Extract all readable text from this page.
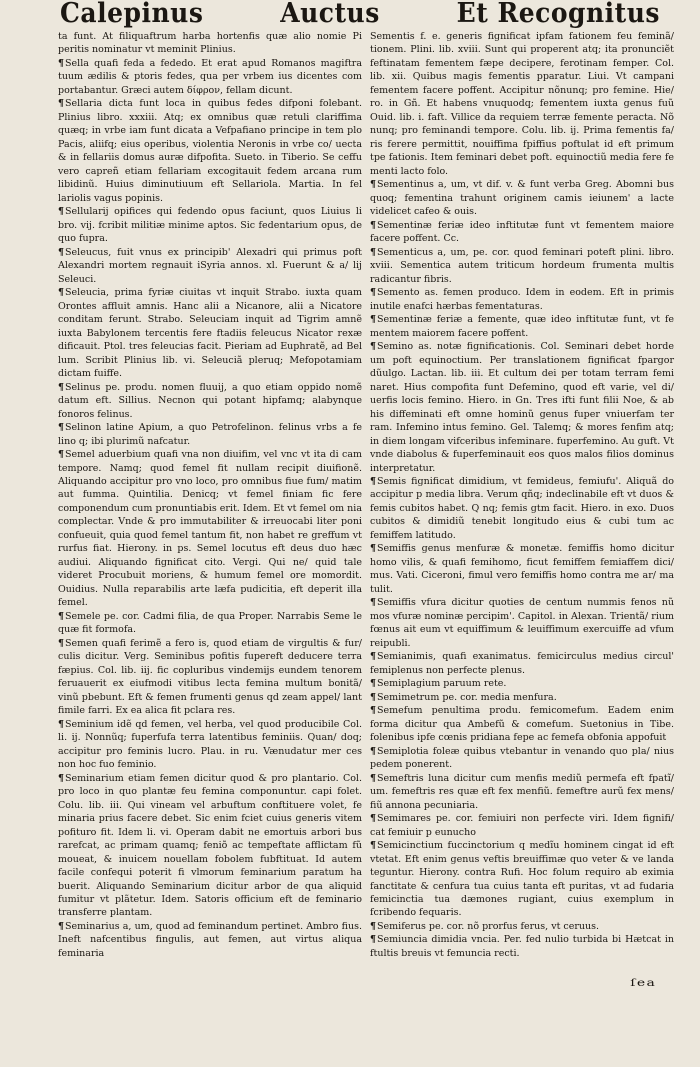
Calepinus	Auctus	Et Recognitus

ta funt. At filiquaftrum harba hortenfis quæ alio nomie Pi peritis nominatur vt meminit Plinius.

¶Sella quafi feda a fededo. Et erat apud Romanos magiftra tuum ædilis & ptoris fedes, qua per vrbem ius dicentes com portabantur. Græci autem δίφρον, fellam dicunt.

¶Sellaria dicta funt loca in quibus fedes difponi folebant. Plinius libro. xxxiii. Atq; ex omnibus quæ retuli clariffima quæq; in vrbe iam funt dicata a Vefpafiano principe in tem plo Pacis, aliifq; eius operibus, violentia Neronis in vrbe co/ uecta & in fellariis domus auræ difpofita. Sueto. in Tiberio. Se ceffu vero capreñ etiam fellariam excogitauit fedem arcana rum libidinũ. Huius diminutiuum eft Sellariola. Martia. In fel lariolis vagus popinis.

¶Sellularij opifices qui fedendo opus faciunt, quos Liuius li bro. vij. fcribit militiæ minime aptos. Sic fedentarium opus, de quo fupra.

¶Seleucus, fuit vnus ex principib' Alexadri qui primus poft Alexandri mortem regnauit iSyria annos. xl. Fuerunt & a/ lij Seleuci.

¶Seleucia, prima fyriæ ciuitas vt inquit Strabo. iuxta quam Orontes affluit amnis. Hanc alii a Nicanore, alii a Nicatore conditam ferunt. Strabo. Seleuciam inquit ad Tigrim amnẽ iuxta Babylonem tercentis fere ftadiis feleucus Nicator rexæ dificauit. Ptol. tres feleucias facit. Pieriam ad Euphratẽ, ad Bel lum. Scribit Plinius lib. vi. Seleuciã pleruq; Mefopotamiam dictam fuiffe.

¶Selinus pe. produ. nomen fluuij, a quo etiam oppido nomẽ datum eft. Sillius. Necnon qui potant hipfamq; alabynque fonoros felinus.

¶Selinon latine Apium, a quo Petrofelinon. felinus vrbs a fe lino q; ibi plurimũ nafcatur.

¶Semel aduerbium quafi vna non diuifim, vel vnc vt ita di cam tempore. Namq; quod femel fit nullam recipit diuifionẽ. Aliquando accipitur pro vno loco, pro omnibus fiue fum/ matim aut fumma. Quintilia. Denicq; vt femel finiam fic fere componendum cum pronuntiabis erit. Idem. Et vt femel om nia complectar. Vnde & pro immutabiliter & irreuocabi liter poni confueuit, quia quod femel tantum fit, non habet re greffum vt rurfus fiat. Hierony. in ps. Semel locutus eft deus duo hæc audiui. Aliquando fignificat cito. Vergi. Qui ne/ quid tale videret Procubuit moriens, & humum femel ore momordit. Ouidius. Nulla reparabilis arte læfa pudicitia, eft deperit illa femel.

¶Semele pe. cor. Cadmi filia, de qua Proper. Narrabis Seme le quæ fit formofa.

¶Semen quafi ferimẽ a fero is, quod etiam de virgultis & fur/ culis dicitur. Verg. Seminibus pofitis fupereft deducere terra fæpius. Col. lib. iij. fic copluribus vindemijs eundem tenorem feruauerit ex eiufmodi vitibus lecta femina multum bonitã/ vinũ pbebunt. Eft & femen frumenti genus qd zeam appel/ lant fimile farri. Ex ea alica fit pclara res.

¶Seminium idẽ qd femen, vel herba, vel quod producibile Col. li. ij. Nonnũq; fuperfufa terra latentibus feminiis. Quan/ doq; accipitur pro feminis lucro. Plau. in ru. Vænudatur mer ces non hoc fuo feminio.

¶Seminarium etiam femen dicitur quod & pro plantario. Col. pro loco in quo plantæ feu femina componuntur. capi folet. Colu. lib. iii. Qui vineam vel arbuftum conftituere volet, fe minaria prius facere debet. Sic enim fciet cuius generis vitem pofituro fit. Idem li. vi. Operam dabit ne emortuis arbori bus rarefcat, ac primam quamq; feniõ ac tempeftate afflictam fũ moueat, & inuicem nouellam fobolem fubftituat. Id autem facile confequi poterit fi vlmorum feminarium paratum ha buerit. Aliquando Seminarium dicitur arbor de qua aliquid fumitur vt plãtetur. Idem. Satoris officium eft de feminario transferre plantam.

¶Seminarius a, um, quod ad feminandum pertinet. Ambro fius. Ineft nafcentibus fingulis, aut femen, aut virtus aliqua feminaria

Sementis f. e. generis fignificat ipfam fationem feu feminã/ tionem. Plini. lib. xviii. Sunt qui properent atq; ita pronunciẽt feftinatam fementem fæpe decipere, ferotinam femper. Col. lib. xii. Quibus magis fementis pparatur. Liui. Vt campani fementem facere poffent. Accipitur nõnunq; pro femine. Hie/ ro. in Gñ. Et habens vnuquodq; fementem iuxta genus fuũ Ouid. lib. i. faft. Villice da requiem terræ femente peracta. Nõ nunq; pro feminandi tempore. Colu. lib. ij. Prima fementis fa/ ris ferere permittit, nouiffima fpiffius poftulat id eft primum tpe fationis. Item feminari debet poft. equinoctiũ media fere fe menti lacto folo.

¶Sementinus a, um, vt dif. v. & funt verba Greg. Abomni bus quoq; fementina trahunt originem camis ieiunem' a lacte videlicet cafeo & ouis.

¶Sementinæ feriæ ideo inftitutæ funt vt fementem maiore facere poffent. Cc.

¶Sementicus a, um, pe. cor. quod feminari poteft plini. libro. xviii. Sementica autem triticum hordeum frumenta multis radicantur fibris.

¶Semento as. femen produco. Idem in eodem. Eft in primis inutile enafci hærbas fementaturas.

¶Sementinæ feriæ a femente, quæ ideo inftitutæ funt, vt fe mentem maiorem facere poffent.

¶Semino as. notæ fignificationis. Col. Seminari debet horde um poft equinoctium. Per translationem fignificat fpargor dũulgo. Lactan. lib. iii. Et cultum dei per totam terram femi naret. Hius compofita funt Defemino, quod eft varie, vel di/ uerfis locis femino. Hiero. in Gn. Tres ifti funt filii Noe, & ab his diffeminati eft omne hominũ genus fuper vniuerfam ter ram. Infemino intus femino. Gel. Talemq; & mores fenfim atq; in diem longam vifceribus infeminare. fuperfemino. Au guft. Vt vnde diabolus & fuperfeminauit eos quos malos filios dominus interpretatur.

¶Semis fignificat dimidium, vt femideus, femiufu'. Aliquã do accipitur p media libra. Verum qñq; indeclinabile eft vt duos & femis cubitos habet. Q nq; femis gtm facit. Hiero. in exo. Duos cubitos & dimidiũ tenebit longitudo eius & cubi tum ac femiffem latitudo.

¶Semiffis genus menfuræ & monetæ. femiffis homo dicitur homo vilis, & quafi femihomo, ficut femiffem femiaffem dici/ mus. Vati. Ciceroni, fimul vero femiffis homo contra me ar/ ma tulit.

¶Semiffis vfura dicitur quoties de centum nummis fenos nũ mos vfuræ nominæ percipim'. Capitol. in Alexan. Trientã/ rium fœnus ait eum vt equiffimum & leuiffimum exercuiffe ad vfum reipubli.

¶Semianimis, quafi exanimatus. femicirculus medius circul' femiplenus non perfecte plenus.

¶Semiplagium paruum rete.

¶Semimetrum pe. cor. media menfura.

¶Semefum penultima produ. femicomefum. Eadem enim forma dicitur qua Ambefũ & comefum. Suetonius in Tibe. folenibus ipfe cœnis pridiana fepe ac femefa obfonia appofuit

¶Semiplotia foleæ quibus vtebantur in venando quo pla/ nius pedem ponerent.

¶Semeftris luna dicitur cum menfis mediũ permefa eft fpatĩ/ um. femeftris res quæ eft fex menfiũ. femeftre aurũ fex mens/ fiũ annona pecuniaria.

¶Semimares pe. cor. femiuiri non perfecte viri. Idem fignifi/ cat femiuir p eunucho

¶Semicinctium fuccinctorium q medĩu hominem cingat id eft vtetat. Eft enim genus veftis breuiffimæ quo veter & ve landa teguntur. Hierony. contra Rufi. Hoc folum requiro ab eximia fanctitate & cenfura tua cuius tanta eft puritas, vt ad fudaria femicinctia tua dæmones rugiant, cuius exemplum in fcribendo fequaris.

¶Semiferus pe. cor. nõ prorfus ferus, vt ceruus.

¶Semiuncia dimidia vncia. Per. fed nulio turbida bi Hætcat in ftultis breuis vt femuncia recti.

ſea
